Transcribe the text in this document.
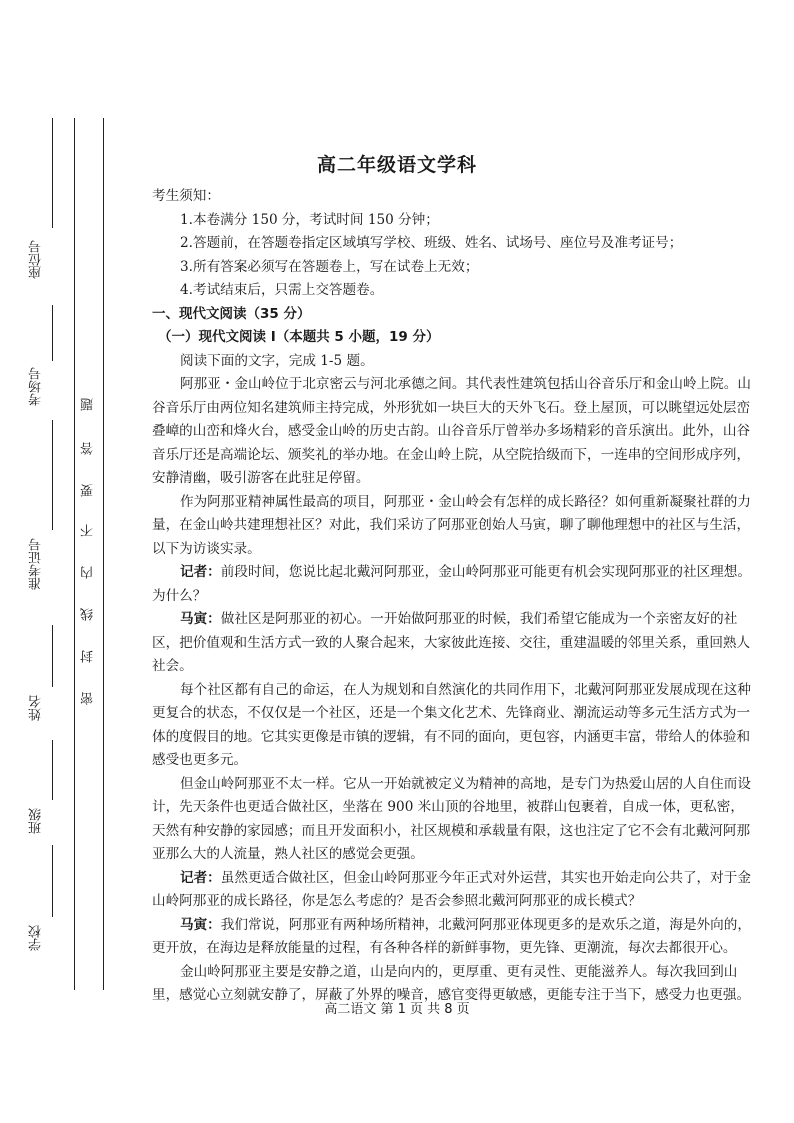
座位号
考场号
准考证号
姓名
班级
学校
题
答
要
不
内
线
封
密
高二年级语文学科

考生须知：

1.本卷满分 150 分，考试时间 150 分钟；
2.答题前，在答题卷指定区域填写学校、班级、姓名、试场号、座位号及准考证号；
3.所有答案必须写在答题卷上，写在试卷上无效；
4.考试结束后，只需上交答题卷。

一、现代文阅读（35 分）

（一）现代文阅读 I（本题共 5 小题，19 分）

阅读下面的文字，完成 1-5 题。

阿那亚・金山岭位于北京密云与河北承德之间。其代表性建筑包括山谷音乐厅和金山岭上院。山谷音乐厅由两位知名建筑师主持完成，外形犹如一块巨大的天外飞石。登上屋顶，可以眺望远处层峦叠嶂的山峦和烽火台，感受金山岭的历史古韵。山谷音乐厅曾举办多场精彩的音乐演出。此外，山谷音乐厅还是高端论坛、颁奖礼的举办地。在金山岭上院，从空院拾级而下，一连串的空间形成序列，安静清幽，吸引游客在此驻足停留。

作为阿那亚精神属性最高的项目，阿那亚・金山岭会有怎样的成长路径？如何重新凝聚社群的力量，在金山岭共建理想社区？对此，我们采访了阿那亚创始人马寅，聊了聊他理想中的社区与生活，以下为访谈实录。

记者：前段时间，您说比起北戴河阿那亚，金山岭阿那亚可能更有机会实现阿那亚的社区理想。为什么？

马寅：做社区是阿那亚的初心。一开始做阿那亚的时候，我们希望它能成为一个亲密友好的社区，把价值观和生活方式一致的人聚合起来，大家彼此连接、交往，重建温暖的邻里关系，重回熟人社会。

每个社区都有自己的命运，在人为规划和自然演化的共同作用下，北戴河阿那亚发展成现在这种更复合的状态，不仅仅是一个社区，还是一个集文化艺术、先锋商业、潮流运动等多元生活方式为一体的度假目的地。它其实更像是市镇的逻辑，有不同的面向，更包容，内涵更丰富，带给人的体验和感受也更多元。

但金山岭阿那亚不太一样。它从一开始就被定义为精神的高地，是专门为热爱山居的人自住而设计，先天条件也更适合做社区，坐落在 900 米山顶的谷地里，被群山包裹着，自成一体，更私密，天然有种安静的家园感；而且开发面积小，社区规模和承载量有限，这也注定了它不会有北戴河阿那亚那么大的人流量，熟人社区的感觉会更强。

记者：虽然更适合做社区，但金山岭阿那亚今年正式对外运营，其实也开始走向公共了，对于金山岭阿那亚的成长路径，你是怎么考虑的？是否会参照北戴河阿那亚的成长模式？

马寅：我们常说，阿那亚有两种场所精神，北戴河阿那亚体现更多的是欢乐之道，海是外向的，更开放，在海边是释放能量的过程，有各种各样的新鲜事物，更先锋、更潮流，每次去都很开心。

金山岭阿那亚主要是安静之道，山是向内的，更厚重、更有灵性、更能滋养人。每次我回到山里，感觉心立刻就安静了，屏蔽了外界的噪音，感官变得更敏感，更能专注于当下，感受力也更强。

高二语文 第 1 页 共 8 页
